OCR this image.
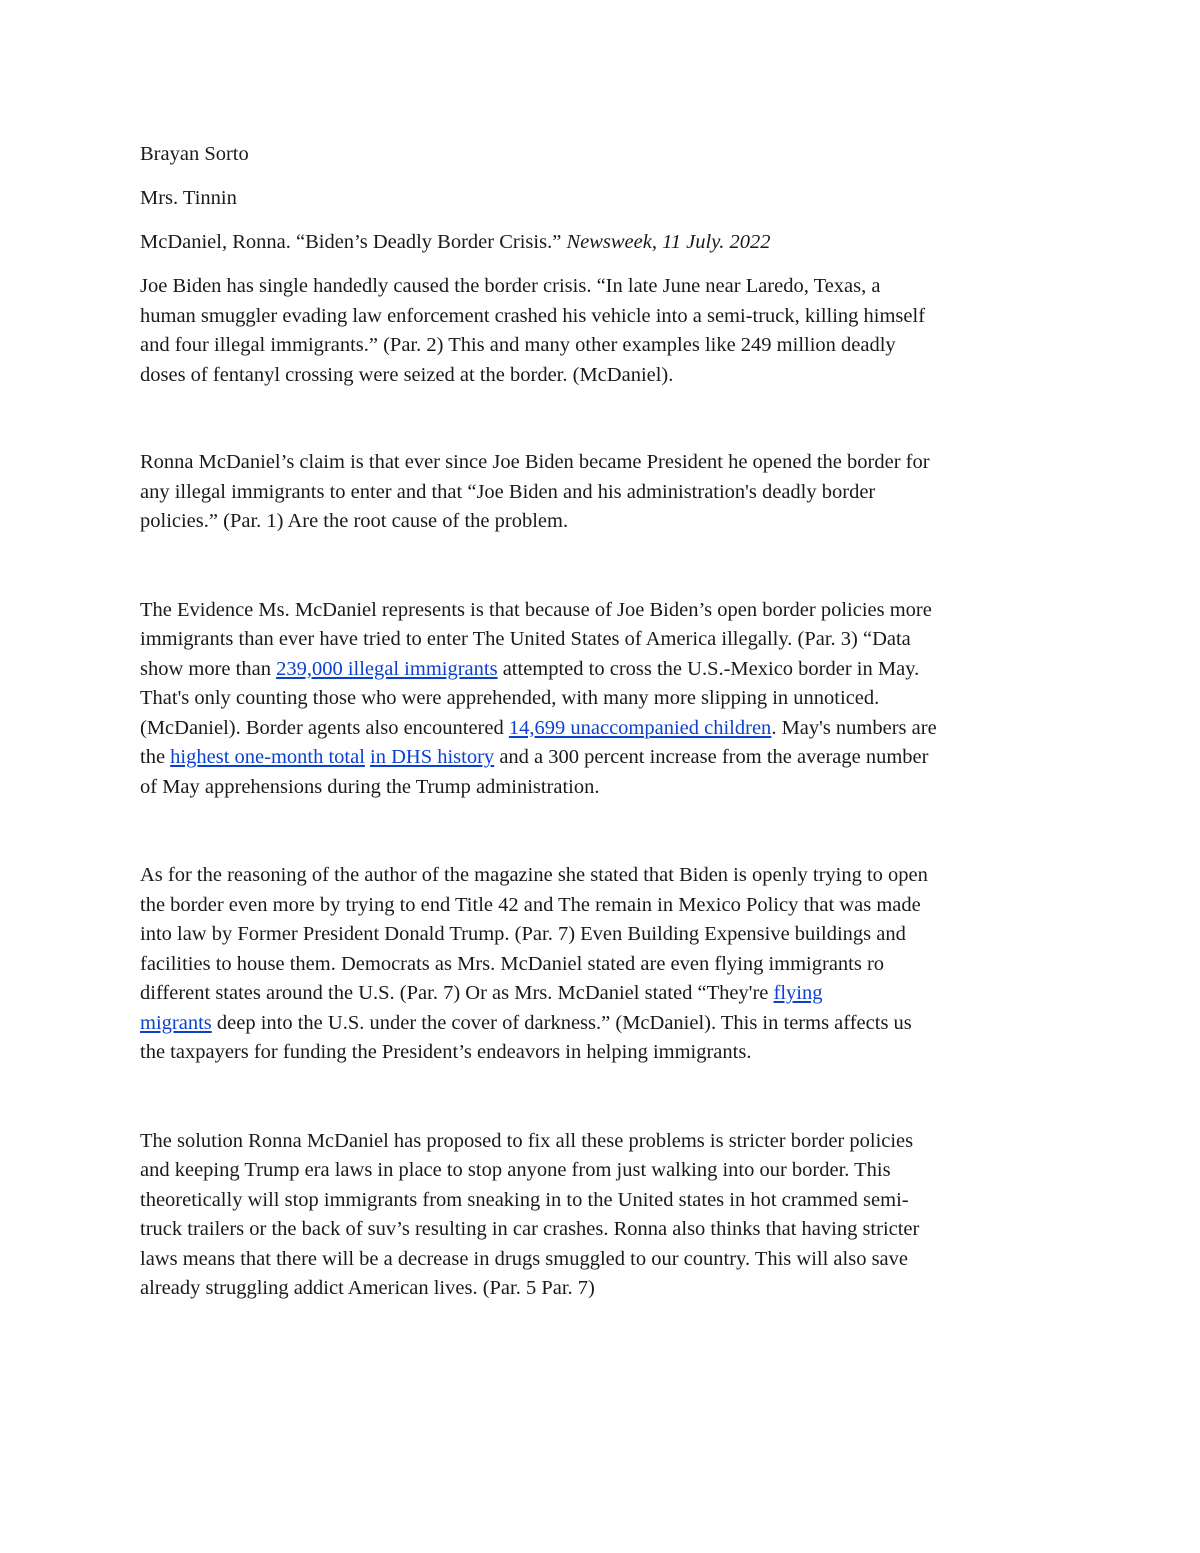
Brayan Sorto
Mrs. Tinnin
McDaniel, Ronna. “Biden’s Deadly Border Crisis.” Newsweek, 11 July. 2022
Joe Biden has single handedly caused the border crisis. “In late June near Laredo, Texas, a
human smuggler evading law enforcement crashed his vehicle into a semi-truck, killing himself
and four illegal immigrants.” (Par. 2) This and many other examples like 249 million deadly
doses of fentanyl crossing were seized at the border. (McDaniel).
Ronna McDaniel’s claim is that ever since Joe Biden became President he opened the border for
any illegal immigrants to enter and that “Joe Biden and his administration's deadly border
policies.” (Par. 1) Are the root cause of the problem.
The Evidence Ms. McDaniel represents is that because of Joe Biden’s open border policies more
immigrants than ever have tried to enter The United States of America illegally. (Par. 3) “Data
show more than 239,000 illegal immigrants attempted to cross the U.S.-Mexico border in May.
That's only counting those who were apprehended, with many more slipping in unnoticed.
(McDaniel). Border agents also encountered 14,699 unaccompanied children. May's numbers are
the highest one-month total in DHS history and a 300 percent increase from the average number
of May apprehensions during the Trump administration.
As for the reasoning of the author of the magazine she stated that Biden is openly trying to open
the border even more by trying to end Title 42 and The remain in Mexico Policy that was made
into law by Former President Donald Trump. (Par. 7) Even Building Expensive buildings and
facilities to house them. Democrats as Mrs. McDaniel stated are even flying immigrants ro
different states around the U.S. (Par. 7) Or as Mrs. McDaniel stated “They're flying
migrants deep into the U.S. under the cover of darkness.” (McDaniel). This in terms affects us
the taxpayers for funding the President’s endeavors in helping immigrants.
The solution Ronna McDaniel has proposed to fix all these problems is stricter border policies
and keeping Trump era laws in place to stop anyone from just walking into our border. This
theoretically will stop immigrants from sneaking in to the United states in hot crammed semi-
truck trailers or the back of suv’s resulting in car crashes. Ronna also thinks that having stricter
laws means that there will be a decrease in drugs smuggled to our country. This will also save
already struggling addict American lives. (Par. 5 Par. 7)
